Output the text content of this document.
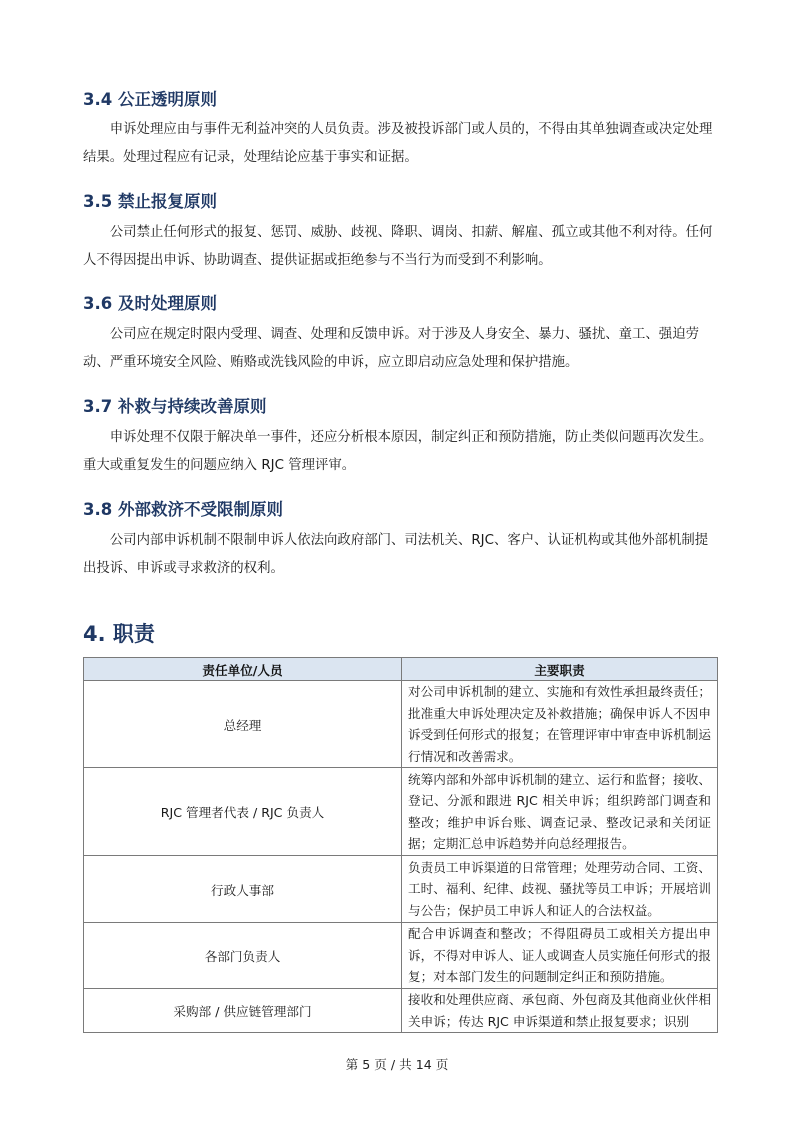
3.4 公正透明原则

申诉处理应由与事件无利益冲突的人员负责。涉及被投诉部门或人员的，不得由其单独调查或决定处理结果。处理过程应有记录，处理结论应基于事实和证据。

3.5 禁止报复原则

公司禁止任何形式的报复、惩罚、威胁、歧视、降职、调岗、扣薪、解雇、孤立或其他不利对待。任何人不得因提出申诉、协助调查、提供证据或拒绝参与不当行为而受到不利影响。

3.6 及时处理原则

公司应在规定时限内受理、调查、处理和反馈申诉。对于涉及人身安全、暴力、骚扰、童工、强迫劳动、严重环境安全风险、贿赂或洗钱风险的申诉，应立即启动应急处理和保护措施。

3.7 补救与持续改善原则

申诉处理不仅限于解决单一事件，还应分析根本原因，制定纠正和预防措施，防止类似问题再次发生。重大或重复发生的问题应纳入 RJC 管理评审。

3.8 外部救济不受限制原则

公司内部申诉机制不限制申诉人依法向政府部门、司法机关、RJC、客户、认证机构或其他外部机制提出投诉、申诉或寻求救济的权利。

4. 职责
责任单位/人员	主要职责
总经理	对公司申诉机制的建立、实施和有效性承担最终责任；批准重大申诉处理决定及补救措施；确保申诉人不因申诉受到任何形式的报复；在管理评审中审查申诉机制运行情况和改善需求。
RJC 管理者代表 / RJC 负责人	统筹内部和外部申诉机制的建立、运行和监督；接收、登记、分派和跟进 RJC 相关申诉；组织跨部门调查和整改；维护申诉台账、调查记录、整改记录和关闭证据；定期汇总申诉趋势并向总经理报告。
行政人事部	负责员工申诉渠道的日常管理；处理劳动合同、工资、工时、福利、纪律、歧视、骚扰等员工申诉；开展培训与公告；保护员工申诉人和证人的合法权益。
各部门负责人	配合申诉调查和整改；不得阻碍员工或相关方提出申诉，不得对申诉人、证人或调查人员实施任何形式的报复；对本部门发生的问题制定纠正和预防措施。
采购部 / 供应链管理部门	接收和处理供应商、承包商、外包商及其他商业伙伴相关申诉；传达 RJC 申诉渠道和禁止报复要求；识别
第 5 页 / 共 14 页
